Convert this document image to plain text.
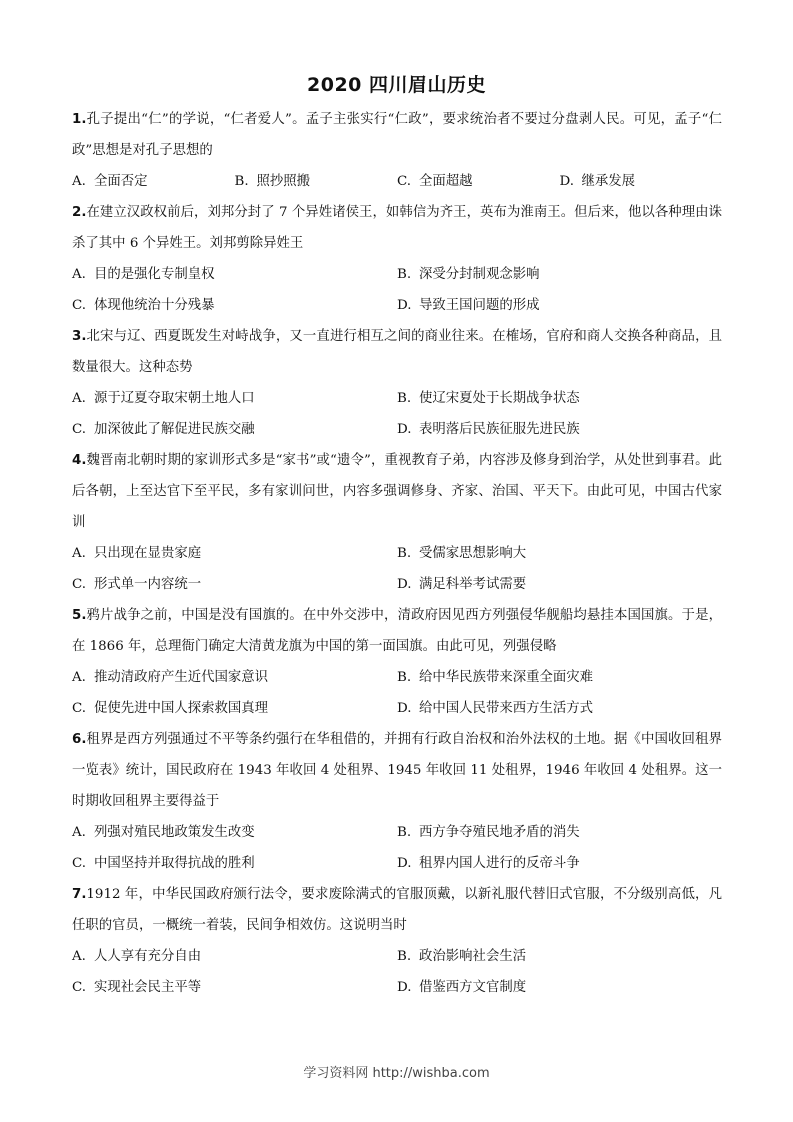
2020 四川眉山历史

1.孔子提出“仁”的学说，“仁者爱人”。孟子主张实行“仁政”，要求统治者不要过分盘剥人民。可见，孟子“仁政”思想是对孔子思想的

A. 全面否定	B. 照抄照搬	C. 全面超越	D. 继承发展

2.在建立汉政权前后，刘邦分封了 7 个异姓诸侯王，如韩信为齐王，英布为淮南王。但后来，他以各种理由诛杀了其中 6 个异姓王。刘邦剪除异姓王

A. 目的是强化专制皇权	B. 深受分封制观念影响
C. 体现他统治十分残暴	D. 导致王国问题的形成

3.北宋与辽、西夏既发生对峙战争，又一直进行相互之间的商业往来。在榷场，官府和商人交换各种商品，且数量很大。这种态势

A. 源于辽夏夺取宋朝土地人口	B. 使辽宋夏处于长期战争状态
C. 加深彼此了解促进民族交融	D. 表明落后民族征服先进民族

4.魏晋南北朝时期的家训形式多是“家书”或“遗令”，重视教育子弟，内容涉及修身到治学，从处世到事君。此后各朝，上至达官下至平民，多有家训问世，内容多强调修身、齐家、治国、平天下。由此可见，中国古代家训

A. 只出现在显贵家庭	B. 受儒家思想影响大
C. 形式单一内容统一	D. 满足科举考试需要

5.鸦片战争之前，中国是没有国旗的。在中外交涉中，清政府因见西方列强侵华舰船均悬挂本国国旗。于是，在 1866 年，总理衙门确定大清黄龙旗为中国的第一面国旗。由此可见，列强侵略

A. 推动清政府产生近代国家意识	B. 给中华民族带来深重全面灾难
C. 促使先进中国人探索救国真理	D. 给中国人民带来西方生活方式

6.租界是西方列强通过不平等条约强行在华租借的，并拥有行政自治权和治外法权的土地。据《中国收回租界一览表》统计，国民政府在 1943 年收回 4 处租界、1945 年收回 11 处租界，1946 年收回 4 处租界。这一时期收回租界主要得益于

A. 列强对殖民地政策发生改变	B. 西方争夺殖民地矛盾的消失
C. 中国坚持并取得抗战的胜利	D. 租界内国人进行的反帝斗争

7.1912 年，中华民国政府颁行法令，要求废除满式的官服顶戴，以新礼服代替旧式官服，不分级别高低，凡任职的官员，一概统一着装，民间争相效仿。这说明当时

A. 人人享有充分自由	B. 政治影响社会生活
C. 实现社会民主平等	D. 借鉴西方文官制度
学习资料网 http://wishba.com
